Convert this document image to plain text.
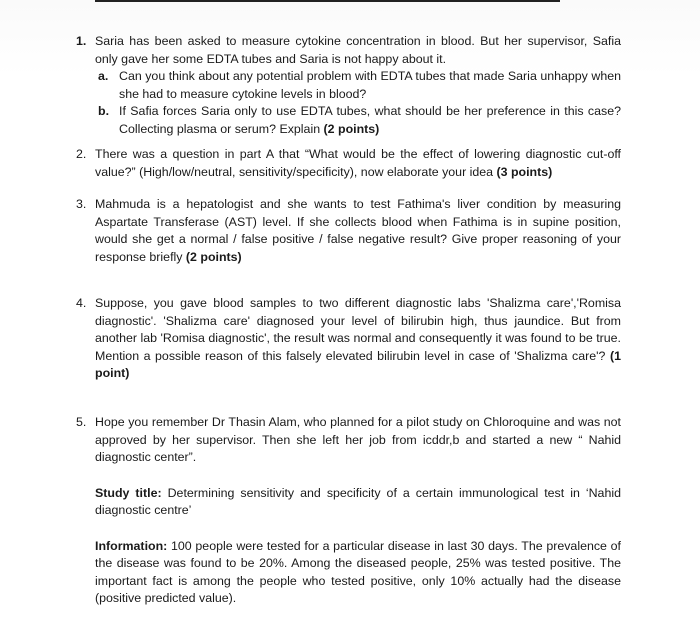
1. Saria has been asked to measure cytokine concentration in blood. But her supervisor, Safia only gave her some EDTA tubes and Saria is not happy about it.
a. Can you think about any potential problem with EDTA tubes that made Saria unhappy when she had to measure cytokine levels in blood?
b. If Safia forces Saria only to use EDTA tubes, what should be her preference in this case? Collecting plasma or serum? Explain (2 points)
2. There was a question in part A that “What would be the effect of lowering diagnostic cut-off value?” (High/low/neutral, sensitivity/specificity), now elaborate your idea (3 points)
3. Mahmuda is a hepatologist and she wants to test Fathima's liver condition by measuring Aspartate Transferase (AST) level. If she collects blood when Fathima is in supine position, would she get a normal / false positive / false negative result? Give proper reasoning of your response briefly (2 points)
4. Suppose, you gave blood samples to two different diagnostic labs 'Shalizma care','Romisa diagnostic'. 'Shalizma care' diagnosed your level of bilirubin high, thus jaundice. But from another lab 'Romisa diagnostic', the result was normal and consequently it was found to be true. Mention a possible reason of this falsely elevated bilirubin level in case of 'Shalizma care'? (1 point)
5. Hope you remember Dr Thasin Alam, who planned for a pilot study on Chloroquine and was not approved by her supervisor. Then she left her job from icddr,b and started a new “ Nahid diagnostic center”.
Study title: Determining sensitivity and specificity of a certain immunological test in ‘Nahid diagnostic centre’
Information: 100 people were tested for a particular disease in last 30 days. The prevalence of the disease was found to be 20%. Among the diseased people, 25% was tested positive. The important fact is among the people who tested positive, only 10% actually had the disease (positive predicted value).
